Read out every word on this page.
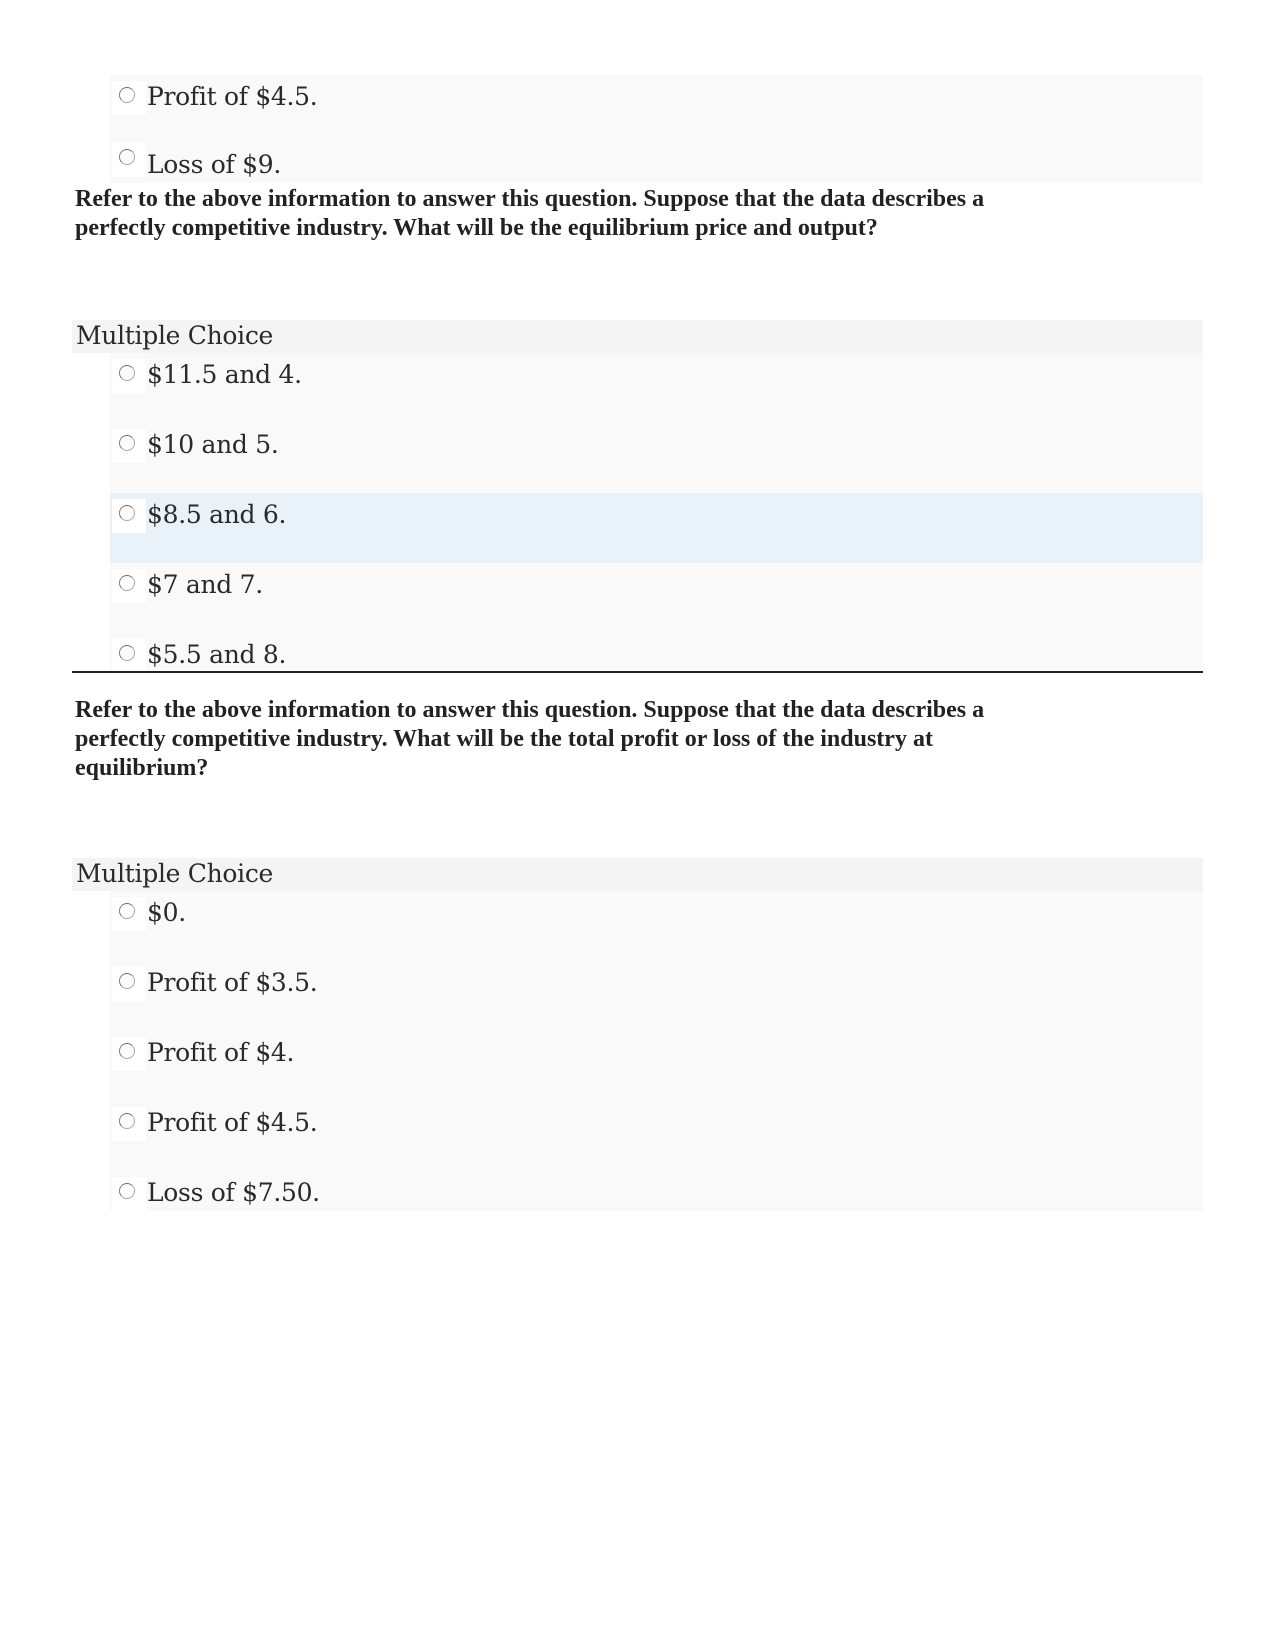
Profit of $4.5.
Loss of $9.
Refer to the above information to answer this question. Suppose that the data describes a perfectly competitive industry. What will be the equilibrium price and output?
Multiple Choice
$11.5 and 4.
$10 and 5.
$8.5 and 6.
$7 and 7.
$5.5 and 8.
Refer to the above information to answer this question. Suppose that the data describes a perfectly competitive industry. What will be the total profit or loss of the industry at equilibrium?
Multiple Choice
$0.
Profit of $3.5.
Profit of $4.
Profit of $4.5.
Loss of $7.50.
